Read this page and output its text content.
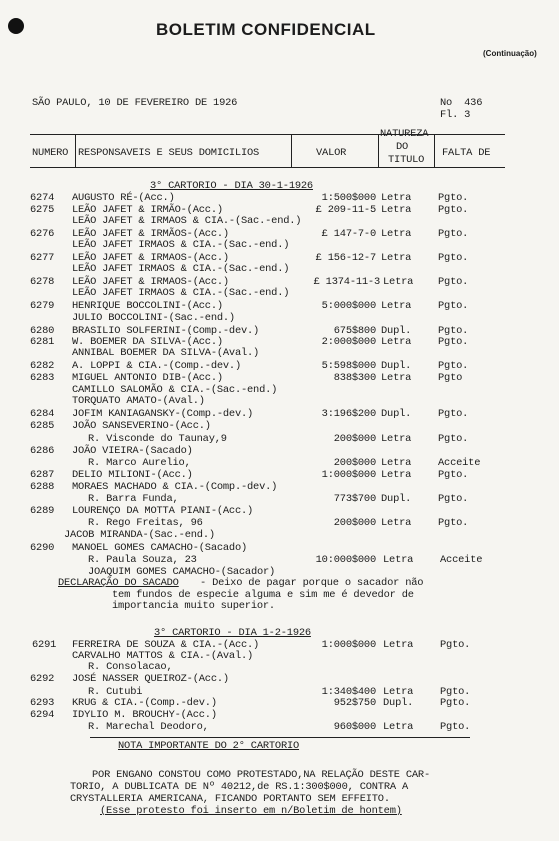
BOLETIM CONFIDENCIAL
(Continuação)
SÃO PAULO, 10 DE FEVEREIRO DE 1926	No  436
Fl. 3
NUMERO RESPONSAVEIS E SEUS DOMICILIOS	VALOR
NATUREZA
DO
TITULO
FALTA DE
3° CARTORIO - DIA 30-1-1926
6274 AUGUSTO RÉ-(Acc.)	1:500$000 Letra	Pgto.
6275 LEÃO JAFET & IRMÃO-(Acc.)	£ 209-11-5 Letra	Pgto.
LEÃO JAFET & IRMAOS & CIA.-(Sac.-end.)
6276 LEÃO JAFET & IRMÃOS-(Acc.)	£ 147-7-0 Letra	Pgto.
LEÃO JAFET IRMAOS & CIA.-(Sac.-end.)
6277 LEÃO JAFET & IRMAOS-(Acc.)	£ 156-12-7 Letra	Pgto.
LEÃO JAFET IRMAOS & CIA.-(Sac.-end.)
6278 LEÃO JAFET & IRMAOS-(Acc.)	£ 1374-11-3 Letra Pgto.
LEÃO JAFET IRMAOS & CIA.-(Sac.-end.)
6279 HENRIQUE BOCCOLINI-(Acc.)	5:000$000 Letra	Pgto.
JULIO BOCCOLINI-(Sac.-end.)
6280 BRASILIO SOLFERINI-(Comp.-dev.)	675$800 Dupl.	Pgto.
6281 W. BOEMER DA SILVA-(Acc.)	2:000$000 Letra	Pgto.
ANNIBAL BOEMER DA SILVA-(Aval.)
6282 A. LOPPI & CIA.-(Comp.-dev.)	5:598$000 Dupl.	Pgto.
6283 MIGUEL ANTONIO DIB-(Acc.)	838$300 Letra	Pgto
CAMILLO SALOMÃO & CIA.-(Sac.-end.)
TORQUATO AMATO-(Aval.)
6284 JOFIM KANIAGANSKY-(Comp.-dev.)	3:196$200 Dupl.	Pgto.
6285 JOÃO SANSEVERINO-(Acc.)
R. Visconde do Taunay,9	200$000 Letra	Pgto.
6286 JOÃO VIEIRA-(Sacado)
R. Marco Aurelio,	200$000 Letra	Acceite
6287 DELIO MILIONI-(Acc.)	1:000$000 Letra	Pgto.
6288 MORAES MACHADO & CIA.-(Comp.-dev.)
R. Barra Funda,	773$700 Dupl.	Pgto.
6289 LOURENÇO DA MOTTA PIANI-(Acc.)
R. Rego Freitas, 96	200$000 Letra	Pgto.
JACOB MIRANDA-(Sac.-end.)
6290 MANOEL GOMES CAMACHO-(Sacado)
R. Paula Souza, 23	10:000$000 Letra	Acceite
JOAQUIM GOMES CAMACHO-(Sacador)
DECLARAÇÃO DO SACADO - Deixo de pagar porque o sacador não
tem fundos de especie alguma e sim me é devedor de
importancia muito superior.
3° CARTORIO - DIA 1-2-1926
6291 FERREIRA DE SOUZA & CIA.-(Acc.)	1:000$000 Letra	Pgto.
CARVALHO MATTOS & CIA.-(Aval.)
R. Consolacao,
6292 JOSÉ NASSER QUEIROZ-(Acc.)
R. Cutubi	1:340$400 Letra	Pgto.
6293 KRUG & CIA.-(Comp.-dev.)	952$750 Dupl.	Pgto.
6294 IDYLIO M. BROUCHY-(Acc.)
R. Marechal Deodoro,	960$000 Letra	Pgto.
NOTA IMPORTANTE DO 2° CARTORIO
POR ENGANO CONSTOU COMO PROTESTADO,NA RELAÇÃO DESTE CAR-
TORIO, A DUBLICATA DE Nº 40212,de RS.1:300$000, CONTRA A
CRYSTALLERIA AMERICANA, FICANDO PORTANTO SEM EFFEITO.
(Esse protesto foi inserto em n/Boletim de hontem)
